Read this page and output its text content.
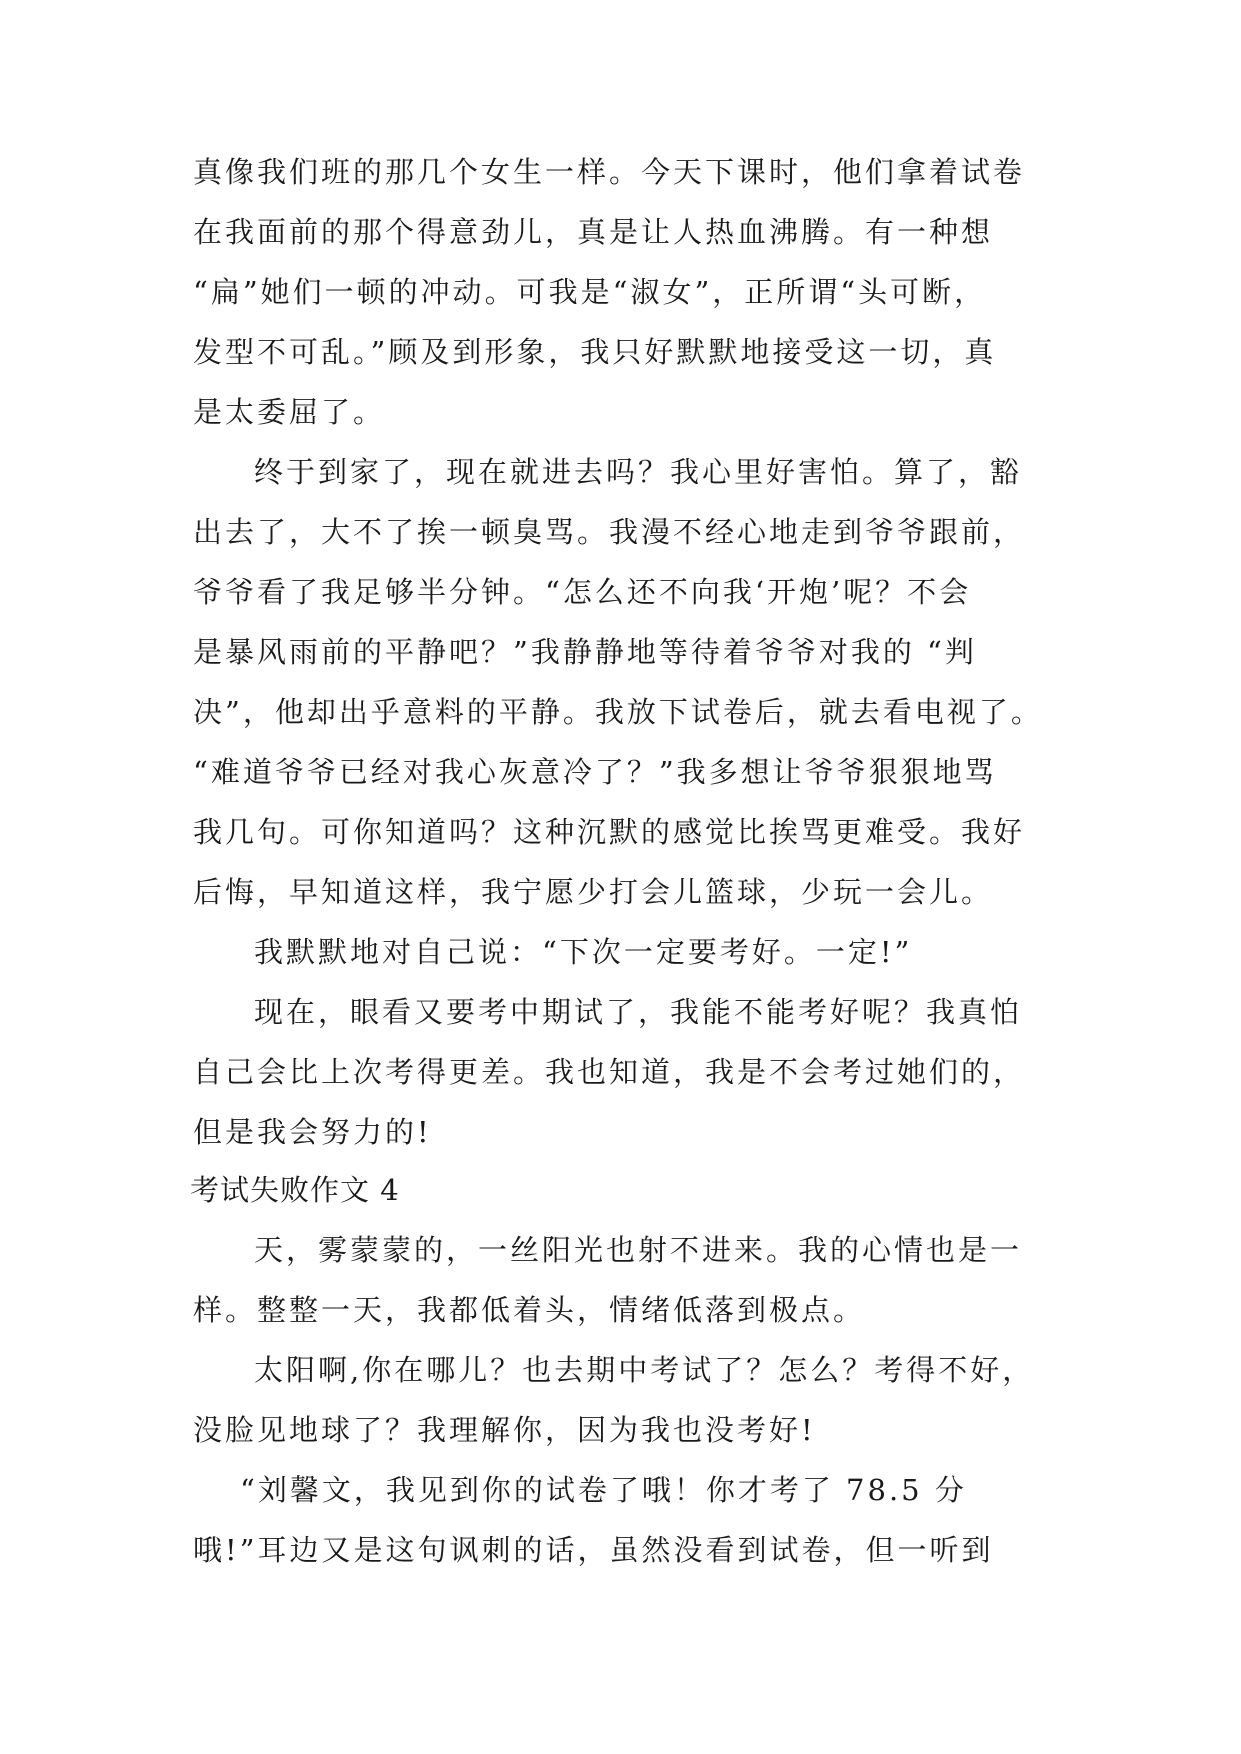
真像我们班的那几个女生一样。今天下课时，他们拿着试卷
在我面前的那个得意劲儿，真是让人热血沸腾。有一种想
“扁”她们一顿的冲动。可我是“淑女”，正所谓“头可断，
发型不可乱。”顾及到形象，我只好默默地接受这一切，真
是太委屈了。
终于到家了，现在就进去吗？我心里好害怕。算了，豁
出去了，大不了挨一顿臭骂。我漫不经心地走到爷爷跟前，
爷爷看了我足够半分钟。“怎么还不向我‘开炮’呢？不会
是暴风雨前的平静吧？”我静静地等待着爷爷对我的 “判
决”，他却出乎意料的平静。我放下试卷后，就去看电视了。
“难道爷爷已经对我心灰意冷了？”我多想让爷爷狠狠地骂
我几句。可你知道吗？这种沉默的感觉比挨骂更难受。我好
后悔，早知道这样，我宁愿少打会儿篮球，少玩一会儿。
我默默地对自己说：“下次一定要考好。一定!”
现在，眼看又要考中期试了，我能不能考好呢？我真怕
自己会比上次考得更差。我也知道，我是不会考过她们的，
但是我会努力的!
考试失败作文 4
天，雾蒙蒙的，一丝阳光也射不进来。我的心情也是一
样。整整一天，我都低着头，情绪低落到极点。
太阳啊,你在哪儿？也去期中考试了？怎么？考得不好，
没脸见地球了？我理解你，因为我也没考好!
“刘馨文，我见到你的试卷了哦！你才考了 78.5 分
哦!”耳边又是这句讽刺的话，虽然没看到试卷，但一听到
